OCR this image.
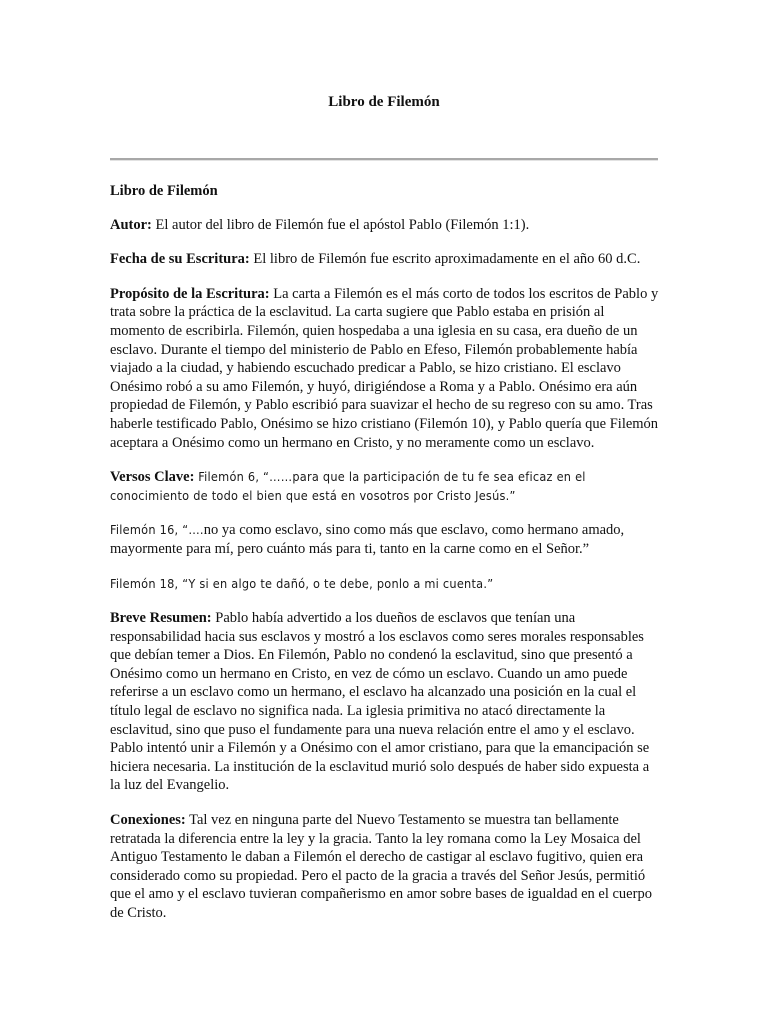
Libro de Filemón

Libro de Filemón

Autor: El autor del libro de Filemón fue el apóstol Pablo (Filemón 1:1).

Fecha de su Escritura: El libro de Filemón fue escrito aproximadamente en el año 60 d.C.

Propósito de la Escritura: La carta a Filemón es el más corto de todos los escritos de Pablo y trata sobre la práctica de la esclavitud. La carta sugiere que Pablo estaba en prisión al momento de escribirla. Filemón, quien hospedaba a una iglesia en su casa, era dueño de un esclavo. Durante el tiempo del ministerio de Pablo en Efeso, Filemón probablemente había viajado a la ciudad, y habiendo escuchado predicar a Pablo, se hizo cristiano. El esclavo Onésimo robó a su amo Filemón, y huyó, dirigiéndose a Roma y a Pablo. Onésimo era aún propiedad de Filemón, y Pablo escribió para suavizar el hecho de su regreso con su amo. Tras haberle testificado Pablo, Onésimo se hizo cristiano (Filemón 10), y Pablo quería que Filemón aceptara a Onésimo como un hermano en Cristo, y no meramente como un esclavo.

Versos Clave: Filemón 6, “……para que la participación de tu fe sea eficaz en el conocimiento de todo el bien que está en vosotros por Cristo Jesús.”

Filemón 16, “….no ya como esclavo, sino como más que esclavo, como hermano amado, mayormente para mí, pero cuánto más para ti, tanto en la carne como en el Señor.”

Filemón 18, “Y si en algo te dañó, o te debe, ponlo a mi cuenta.”

Breve Resumen: Pablo había advertido a los dueños de esclavos que tenían una responsabilidad hacia sus esclavos y mostró a los esclavos como seres morales responsables que debían temer a Dios. En Filemón, Pablo no condenó la esclavitud, sino que presentó a Onésimo como un hermano en Cristo, en vez de cómo un esclavo. Cuando un amo puede referirse a un esclavo como un hermano, el esclavo ha alcanzado una posición en la cual el título legal de esclavo no significa nada. La iglesia primitiva no atacó directamente la esclavitud, sino que puso el fundamente para una nueva relación entre el amo y el esclavo. Pablo intentó unir a Filemón y a Onésimo con el amor cristiano, para que la emancipación se hiciera necesaria. La institución de la esclavitud murió solo después de haber sido expuesta a la luz del Evangelio.

Conexiones: Tal vez en ninguna parte del Nuevo Testamento se muestra tan bellamente retratada la diferencia entre la ley y la gracia. Tanto la ley romana como la Ley Mosaica del Antiguo Testamento le daban a Filemón el derecho de castigar al esclavo fugitivo, quien era considerado como su propiedad. Pero el pacto de la gracia a través del Señor Jesús, permitió que el amo y el esclavo tuvieran compañerismo en amor sobre bases de igualdad en el cuerpo de Cristo.
